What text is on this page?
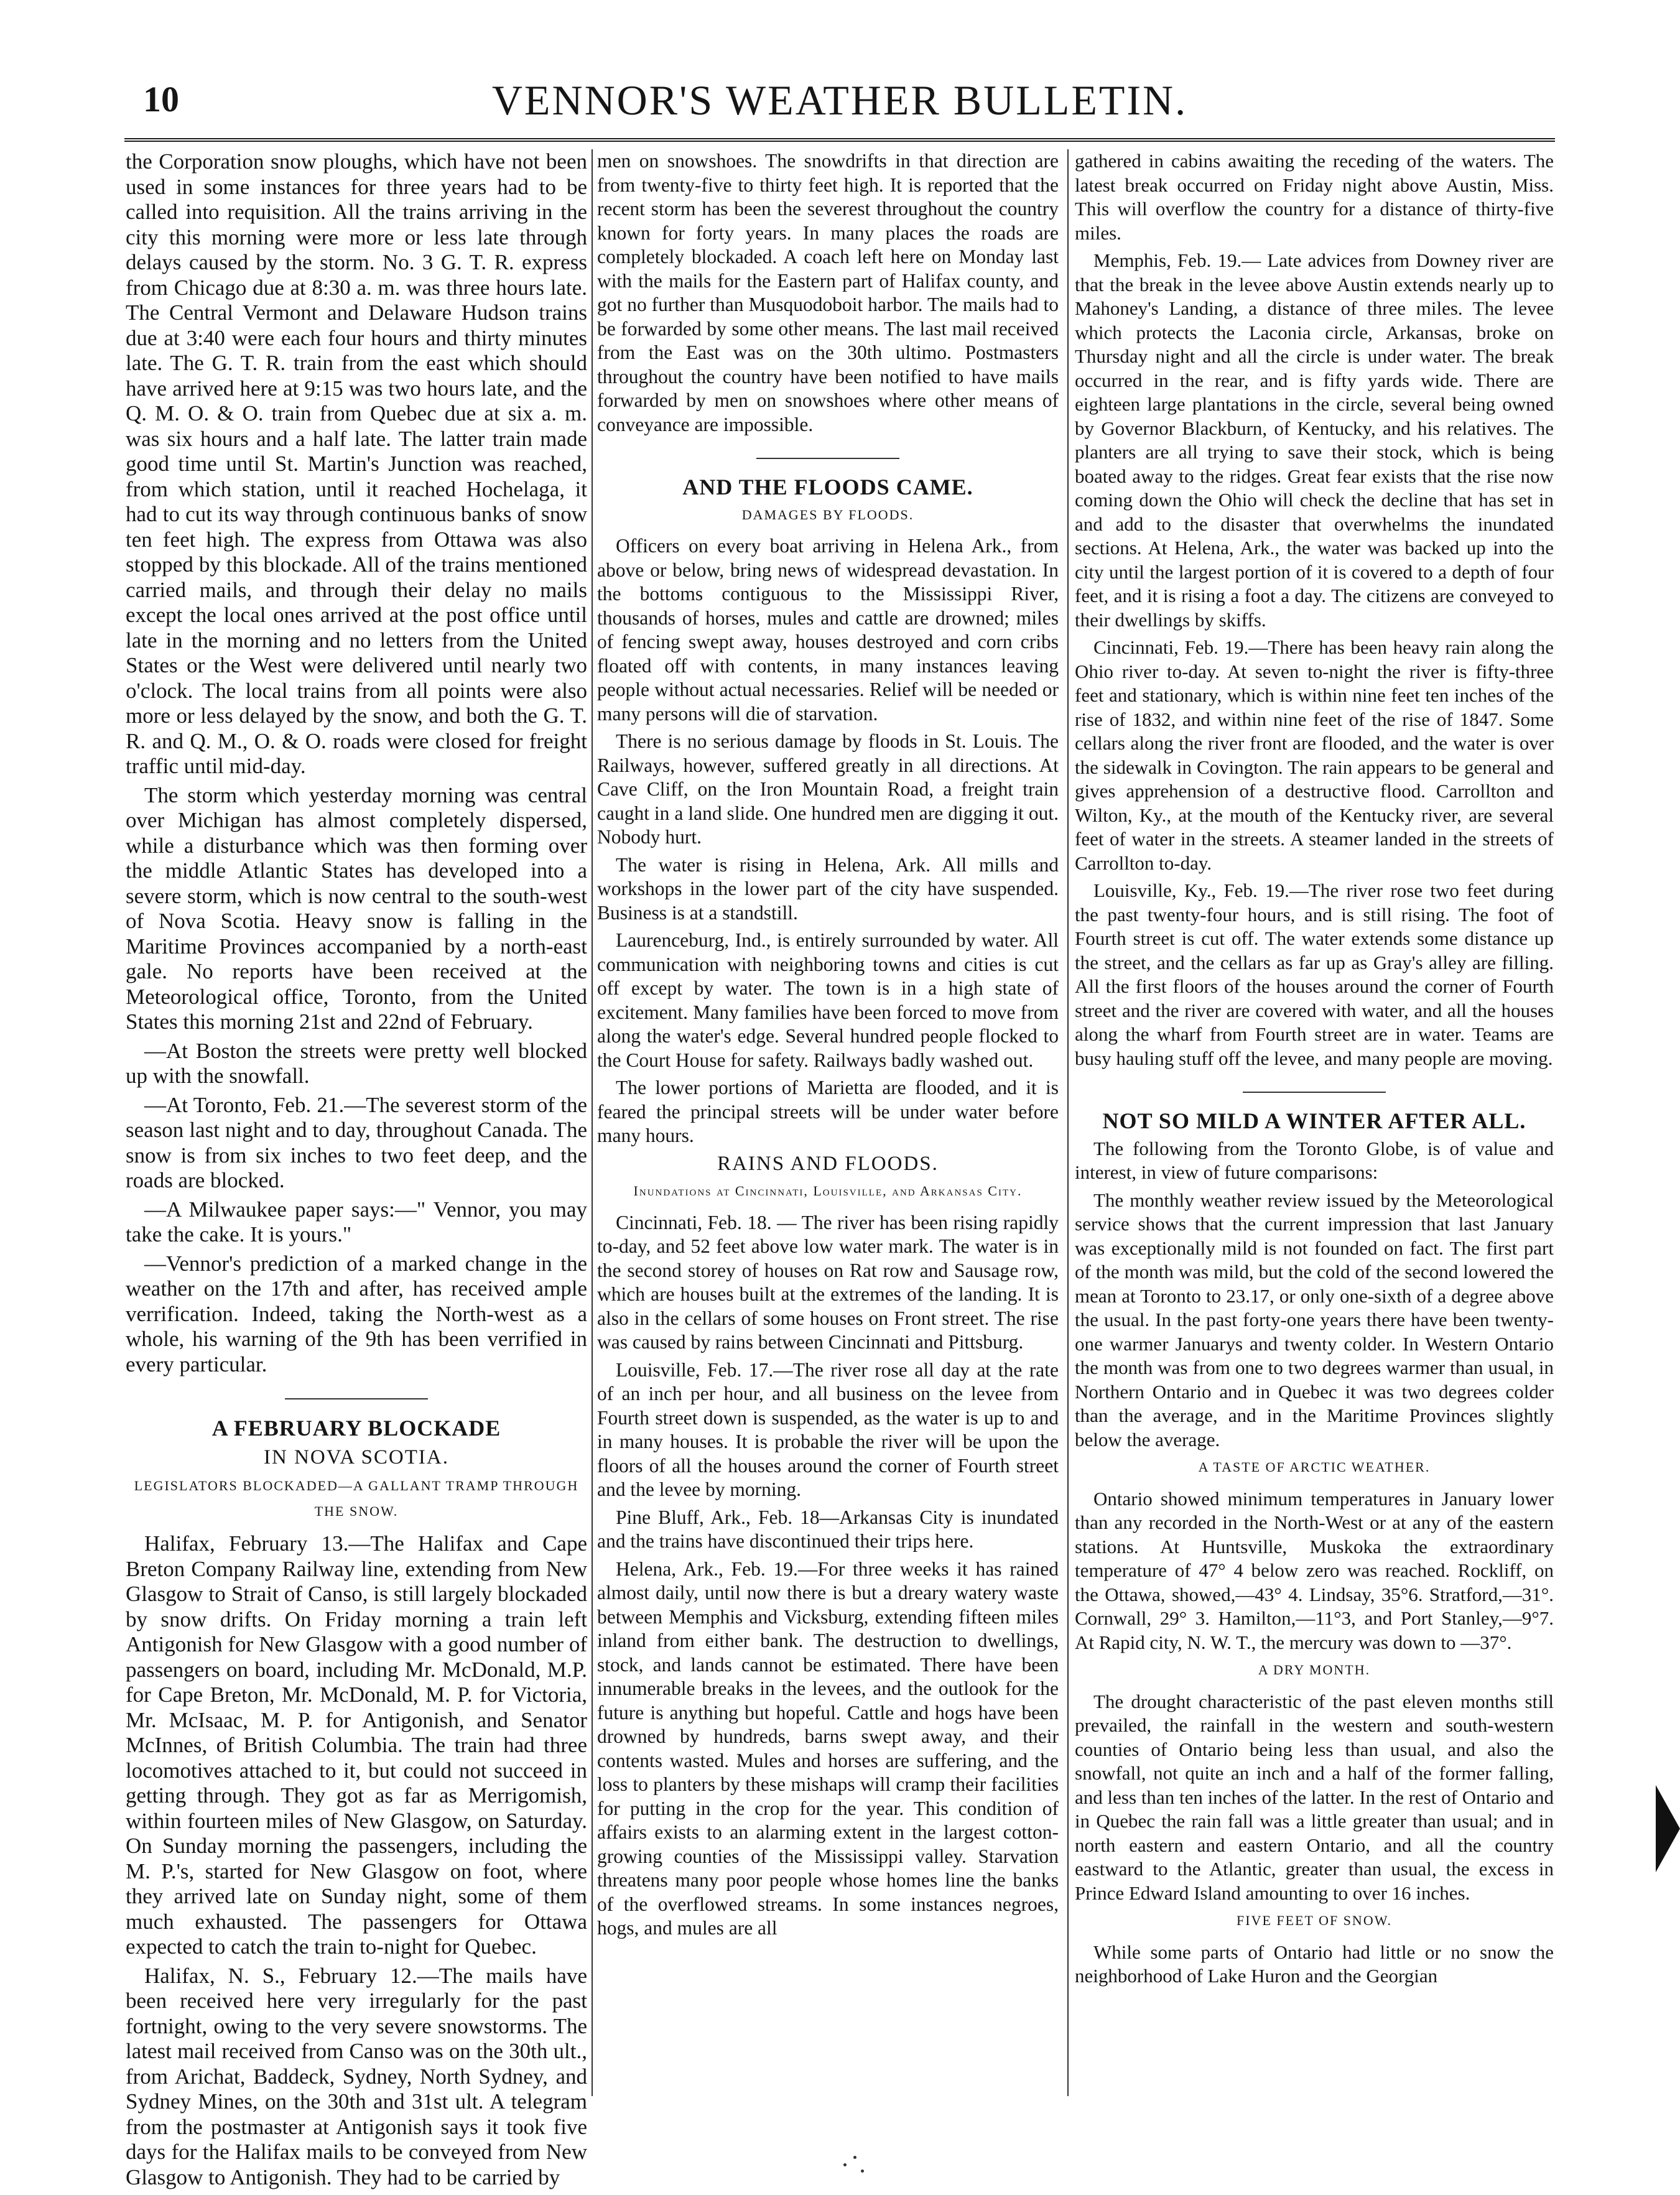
10	VENNOR'S WEATHER BULLETIN.

the Corporation snow ploughs, which have not been used in some instances for three years had to be called into requisition. All the trains arriving in the city this morning were more or less late through delays caused by the storm. No. 3 G. T. R. express from Chicago due at 8:30 a. m. was three hours late. The Central Vermont and Delaware Hudson trains due at 3:40 were each four hours and thirty minutes late. The G. T. R. train from the east which should have arrived here at 9:15 was two hours late, and the Q. M. O. & O. train from Quebec due at six a. m. was six hours and a half late. The latter train made good time until St. Martin's Junction was reached, from which station, until it reached Hochelaga, it had to cut its way through continuous banks of snow ten feet high. The express from Ottawa was also stopped by this blockade. All of the trains mentioned carried mails, and through their delay no mails except the local ones arrived at the post office until late in the morning and no letters from the United States or the West were delivered until nearly two o'clock. The local trains from all points were also more or less delayed by the snow, and both the G. T. R. and Q. M., O. & O. roads were closed for freight traffic until mid-day.

The storm which yesterday morning was central over Michigan has almost completely dispersed, while a disturbance which was then forming over the middle Atlantic States has developed into a severe storm, which is now central to the south-west of Nova Scotia. Heavy snow is falling in the Maritime Provinces accompanied by a north-east gale. No reports have been received at the Meteorological office, Toronto, from the United States this morning 21st and 22nd of February.

—At Boston the streets were pretty well blocked up with the snowfall.

—At Toronto, Feb. 21.—The severest storm of the season last night and to day, throughout Canada. The snow is from six inches to two feet deep, and the roads are blocked.

—A Milwaukee paper says:—" Vennor, you may take the cake. It is yours."

—Vennor's prediction of a marked change in the weather on the 17th and after, has received ample verrification. Indeed, taking the North-west as a whole, his warning of the 9th has been verrified in every particular.

A FEBRUARY BLOCKADE
IN NOVA SCOTIA.
LEGISLATORS BLOCKADED—A GALLANT TRAMP THROUGH THE SNOW.

Halifax, February 13.—The Halifax and Cape Breton Company Railway line, extending from New Glasgow to Strait of Canso, is still largely blockaded by snow drifts. On Friday morning a train left Antigonish for New Glasgow with a good number of passengers on board, including Mr. McDonald, M.P. for Cape Breton, Mr. McDonald, M. P. for Victoria, Mr. McIsaac, M. P. for Antigonish, and Senator McInnes, of British Columbia. The train had three locomotives attached to it, but could not succeed in getting through. They got as far as Merrigomish, within fourteen miles of New Glasgow, on Saturday. On Sunday morning the passengers, including the M. P.'s, started for New Glasgow on foot, where they arrived late on Sunday night, some of them much exhausted. The passengers for Ottawa expected to catch the train to-night for Quebec.

Halifax, N. S., February 12.—The mails have been received here very irregularly for the past fortnight, owing to the very severe snowstorms. The latest mail received from Canso was on the 30th ult., from Arichat, Baddeck, Sydney, North Sydney, and Sydney Mines, on the 30th and 31st ult. A telegram from the postmaster at Antigonish says it took five days for the Halifax mails to be conveyed from New Glasgow to Antigonish. They had to be carried by

men on snowshoes. The snowdrifts in that direction are from twenty-five to thirty feet high. It is reported that the recent storm has been the severest throughout the country known for forty years. In many places the roads are completely blockaded. A coach left here on Monday last with the mails for the Eastern part of Halifax county, and got no further than Musquodoboit harbor. The mails had to be forwarded by some other means. The last mail received from the East was on the 30th ultimo. Postmasters throughout the country have been notified to have mails forwarded by men on snowshoes where other means of conveyance are impossible.

AND THE FLOODS CAME.
DAMAGES BY FLOODS.

Officers on every boat arriving in Helena Ark., from above or below, bring news of widespread devastation. In the bottoms contiguous to the Mississippi River, thousands of horses, mules and cattle are drowned; miles of fencing swept away, houses destroyed and corn cribs floated off with contents, in many instances leaving people without actual necessaries. Relief will be needed or many persons will die of starvation.

There is no serious damage by floods in St. Louis. The Railways, however, suffered greatly in all directions. At Cave Cliff, on the Iron Mountain Road, a freight train caught in a land slide. One hundred men are digging it out. Nobody hurt.

The water is rising in Helena, Ark. All mills and workshops in the lower part of the city have suspended. Business is at a standstill.

Laurenceburg, Ind., is entirely surrounded by water. All communication with neighboring towns and cities is cut off except by water. The town is in a high state of excitement. Many families have been forced to move from along the water's edge. Several hundred people flocked to the Court House for safety. Railways badly washed out.

The lower portions of Marietta are flooded, and it is feared the principal streets will be under water before many hours.

RAINS AND FLOODS.
Inundations at Cincinnati, Louisville, and Arkansas City.

Cincinnati, Feb. 18. — The river has been rising rapidly to-day, and 52 feet above low water mark. The water is in the second storey of houses on Rat row and Sausage row, which are houses built at the extremes of the landing. It is also in the cellars of some houses on Front street. The rise was caused by rains between Cincinnati and Pittsburg.

Louisville, Feb. 17.—The river rose all day at the rate of an inch per hour, and all business on the levee from Fourth street down is suspended, as the water is up to and in many houses. It is probable the river will be upon the floors of all the houses around the corner of Fourth street and the levee by morning.

Pine Bluff, Ark., Feb. 18—Arkansas City is inundated and the trains have discontinued their trips here.

Helena, Ark., Feb. 19.—For three weeks it has rained almost daily, until now there is but a dreary watery waste between Memphis and Vicksburg, extending fifteen miles inland from either bank. The destruction to dwellings, stock, and lands cannot be estimated. There have been innumerable breaks in the levees, and the outlook for the future is anything but hopeful. Cattle and hogs have been drowned by hundreds, barns swept away, and their contents wasted. Mules and horses are suffering, and the loss to planters by these mishaps will cramp their facilities for putting in the crop for the year. This condition of affairs exists to an alarming extent in the largest cotton-growing counties of the Mississippi valley. Starvation threatens many poor people whose homes line the banks of the overflowed streams. In some instances negroes, hogs, and mules are all

gathered in cabins awaiting the receding of the waters. The latest break occurred on Friday night above Austin, Miss. This will overflow the country for a distance of thirty-five miles.

Memphis, Feb. 19.— Late advices from Downey river are that the break in the levee above Austin extends nearly up to Mahoney's Landing, a distance of three miles. The levee which protects the Laconia circle, Arkansas, broke on Thursday night and all the circle is under water. The break occurred in the rear, and is fifty yards wide. There are eighteen large plantations in the circle, several being owned by Governor Blackburn, of Kentucky, and his relatives. The planters are all trying to save their stock, which is being boated away to the ridges. Great fear exists that the rise now coming down the Ohio will check the decline that has set in and add to the disaster that overwhelms the inundated sections. At Helena, Ark., the water was backed up into the city until the largest portion of it is covered to a depth of four feet, and it is rising a foot a day. The citizens are conveyed to their dwellings by skiffs.

Cincinnati, Feb. 19.—There has been heavy rain along the Ohio river to-day. At seven to-night the river is fifty-three feet and stationary, which is within nine feet ten inches of the rise of 1832, and within nine feet of the rise of 1847. Some cellars along the river front are flooded, and the water is over the sidewalk in Covington. The rain appears to be general and gives apprehension of a destructive flood. Carrollton and Wilton, Ky., at the mouth of the Kentucky river, are several feet of water in the streets. A steamer landed in the streets of Carrollton to-day.

Louisville, Ky., Feb. 19.—The river rose two feet during the past twenty-four hours, and is still rising. The foot of Fourth street is cut off. The water extends some distance up the street, and the cellars as far up as Gray's alley are filling. All the first floors of the houses around the corner of Fourth street and the river are covered with water, and all the houses along the wharf from Fourth street are in water. Teams are busy hauling stuff off the levee, and many people are moving.

NOT SO MILD A WINTER AFTER ALL.

The following from the Toronto Globe, is of value and interest, in view of future comparisons:

The monthly weather review issued by the Meteorological service shows that the current impression that last January was exceptionally mild is not founded on fact. The first part of the month was mild, but the cold of the second lowered the mean at Toronto to 23.17, or only one-sixth of a degree above the usual. In the past forty-one years there have been twenty-one warmer Januarys and twenty colder. In Western Ontario the month was from one to two degrees warmer than usual, in Northern Ontario and in Quebec it was two degrees colder than the average, and in the Maritime Provinces slightly below the average.

A TASTE OF ARCTIC WEATHER.

Ontario showed minimum temperatures in January lower than any recorded in the North-West or at any of the eastern stations. At Huntsville, Muskoka the extraordinary temperature of 47° 4 below zero was reached. Rockliff, on the Ottawa, showed,—43° 4. Lindsay, 35°6. Stratford,—31°. Cornwall, 29° 3. Hamilton,—11°3, and Port Stanley,—9°7. At Rapid city, N. W. T., the mercury was down to —37°.

A DRY MONTH.

The drought characteristic of the past eleven months still prevailed, the rainfall in the western and south-western counties of Ontario being less than usual, and also the snowfall, not quite an inch and a half of the former falling, and less than ten inches of the latter. In the rest of Ontario and in Quebec the rain fall was a little greater than usual; and in north eastern and eastern Ontario, and all the country eastward to the Atlantic, greater than usual, the excess in Prince Edward Island amounting to over 16 inches.

FIVE FEET OF SNOW.

While some parts of Ontario had little or no snow the neighborhood of Lake Huron and the Georgian
